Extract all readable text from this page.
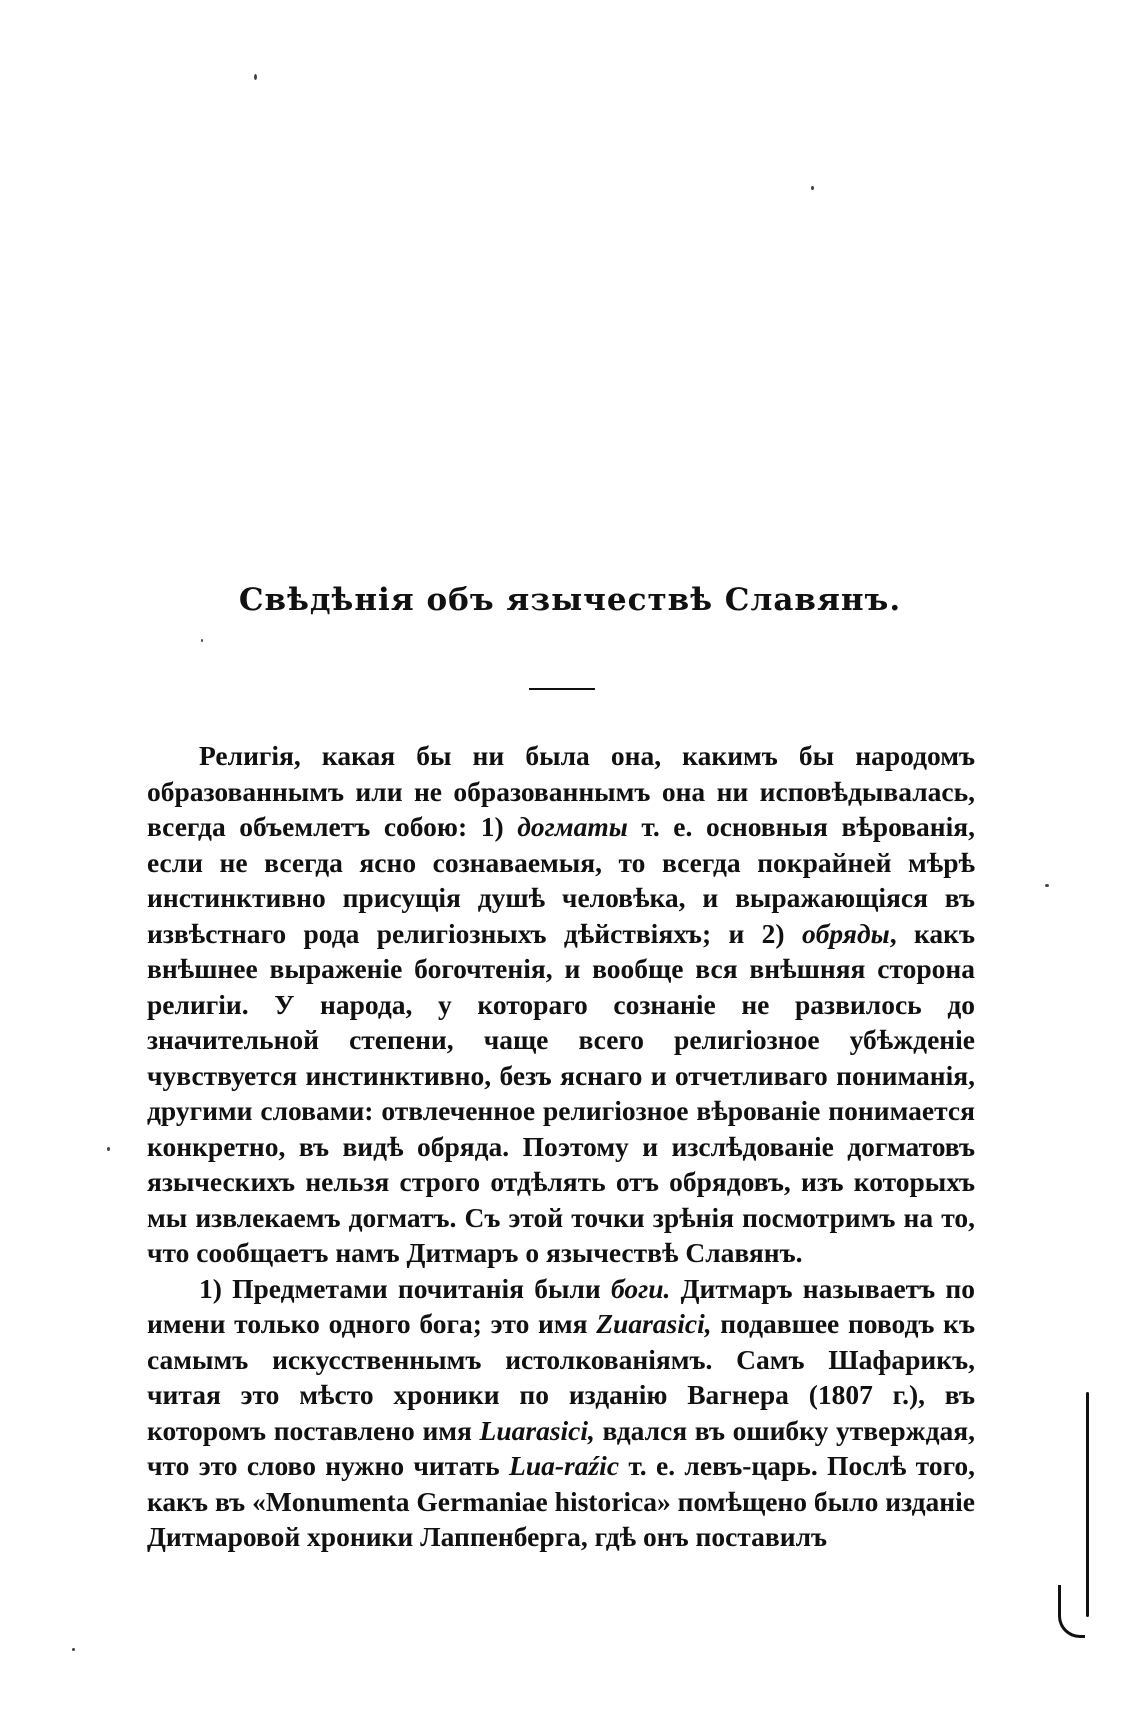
Свѣдѣнія объ язычествѣ Славянъ.

Религія, какая бы ни была она, какимъ бы народомъ образованнымъ или не образованнымъ она ни исповѣдывалась, всегда объемлетъ собою: 1) догматы т. е. основныя вѣрованія, если не всегда ясно сознаваемыя, то всегда покрайней мѣрѣ инстинктивно присущія душѣ человѣка, и выражающіяся въ извѣстнаго рода религіозныхъ дѣйствіяхъ; и 2) обряды, какъ внѣшнее выраженіе богочтенія, и вообще вся внѣшняя сторона религіи. У народа, у котораго сознаніе не развилось до значительной степени, чаще всего религіозное убѣжденіе чувствуется инстинктивно, безъ яснаго и отчетливаго пониманія, другими словами: отвлеченное религіозное вѣрованіе понимается конкретно, въ видѣ обряда. Поэтому и изслѣдованіе догматовъ языческихъ нельзя строго отдѣлять отъ обрядовъ, изъ которыхъ мы извлекаемъ догматъ. Съ этой точки зрѣнія посмотримъ на то, что сообщаетъ намъ Дитмаръ о язычествѣ Славянъ.

1) Предметами почитанія были боги. Дитмаръ называетъ по имени только одного бога; это имя Zuarasici, подавшее поводъ къ самымъ искусственнымъ истолкованіямъ. Самъ Шафарикъ, читая это мѣсто хроники по изданію Вагнера (1807 г.), въ которомъ поставлено имя Luarasici, вдался въ ошибку утверждая, что это слово нужно читать Lua-raźic т. е. левъ-царь. Послѣ того, какъ въ «Monumenta Germaniae historica» помѣщено было изданіе Дитмаровой хроники Лаппенберга, гдѣ онъ поставилъ
